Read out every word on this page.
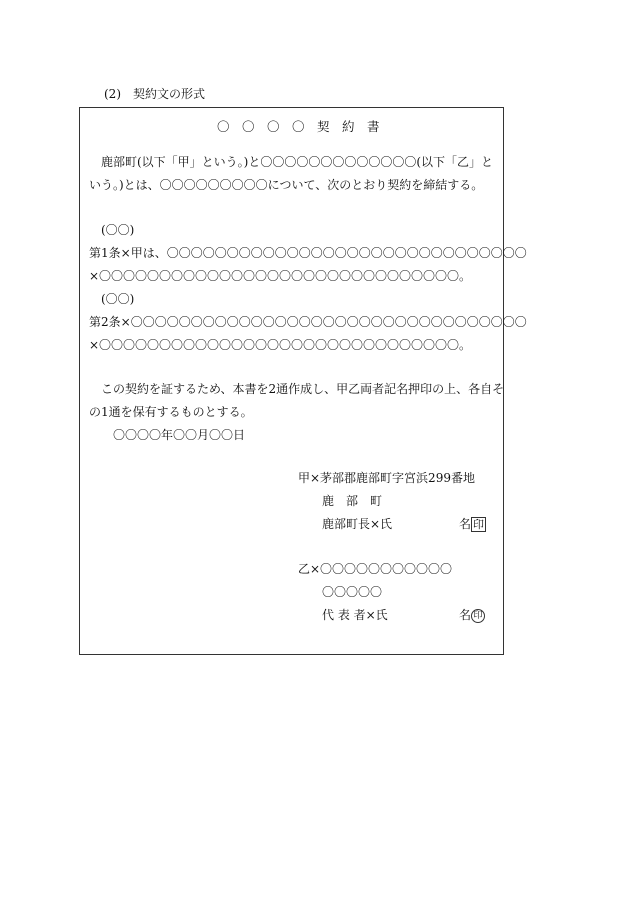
(2)　契約文の形式
〇　〇　〇　〇　契　約　書
鹿部町(以下「甲」という。)と〇〇〇〇〇〇〇〇〇〇〇〇〇(以下「乙」と
いう。)とは、〇〇〇〇〇〇〇〇〇について、次のとおり契約を締結する。
(〇〇)
第1条×甲は、〇〇〇〇〇〇〇〇〇〇〇〇〇〇〇〇〇〇〇〇〇〇〇〇〇〇〇〇〇〇
×〇〇〇〇〇〇〇〇〇〇〇〇〇〇〇〇〇〇〇〇〇〇〇〇〇〇〇〇〇〇。
(〇〇)
第2条×〇〇〇〇〇〇〇〇〇〇〇〇〇〇〇〇〇〇〇〇〇〇〇〇〇〇〇〇〇〇〇〇〇
×〇〇〇〇〇〇〇〇〇〇〇〇〇〇〇〇〇〇〇〇〇〇〇〇〇〇〇〇〇〇。
この契約を証するため、本書を2通作成し、甲乙両者記名押印の上、各自そ
の1通を保有するものとする。
〇〇〇〇年〇〇月〇〇日
甲×茅部郡鹿部町字宮浜299番地
鹿　部　町
鹿部町長×氏	名 印
乙×〇〇〇〇〇〇〇〇〇〇〇
〇〇〇〇〇
代 表 者×氏	名 印
